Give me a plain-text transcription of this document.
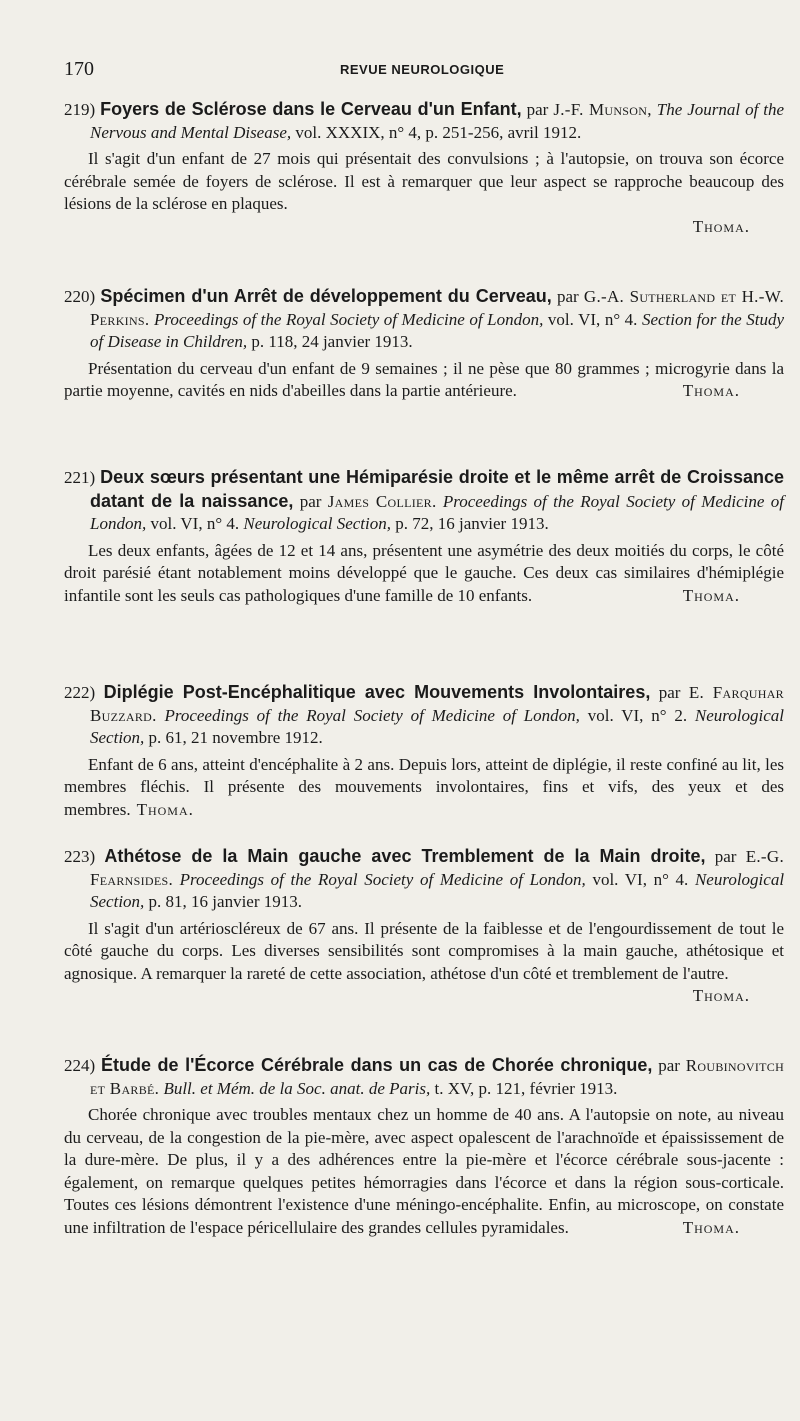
170	REVUE NEUROLOGIQUE

219) Foyers de Sclérose dans le Cerveau d'un Enfant, par J.-F. Munson, The Journal of the Nervous and Mental Disease, vol. XXXIX, n° 4, p. 251-256, avril 1912.

Il s'agit d'un enfant de 27 mois qui présentait des convulsions ; à l'autopsie, on trouva son écorce cérébrale semée de foyers de sclérose. Il est à remarquer que leur aspect se rapproche beaucoup des lésions de la sclérose en plaques.

Thoma.

220) Spécimen d'un Arrêt de développement du Cerveau, par G.-A. Sutherland et H.-W. Perkins. Proceedings of the Royal Society of Medicine of London, vol. VI, n° 4. Section for the Study of Disease in Children, p. 118, 24 janvier 1913.

Présentation du cerveau d'un enfant de 9 semaines ; il ne pèse que 80 grammes ; microgyrie dans la partie moyenne, cavités en nids d'abeilles dans la partie antérieure.	Thoma.

221) Deux sœurs présentant une Hémiparésie droite et le même arrêt de Croissance datant de la naissance, par James Collier. Proceedings of the Royal Society of Medicine of London, vol. VI, n° 4. Neurological Section, p. 72, 16 janvier 1913.

Les deux enfants, âgées de 12 et 14 ans, présentent une asymétrie des deux moitiés du corps, le côté droit parésié étant notablement moins développé que le gauche. Ces deux cas similaires d'hémiplégie infantile sont les seuls cas pathologiques d'une famille de 10 enfants.	Thoma.

222) Diplégie Post-Encéphalitique avec Mouvements Involontaires, par E. Farquhar Buzzard. Proceedings of the Royal Society of Medicine of London, vol. VI, n° 2. Neurological Section, p. 61, 21 novembre 1912.

Enfant de 6 ans, atteint d'encéphalite à 2 ans. Depuis lors, atteint de diplégie, il reste confiné au lit, les membres fléchis. Il présente des mouvements involontaires, fins et vifs, des yeux et des membres. Thoma.

223) Athétose de la Main gauche avec Tremblement de la Main droite, par E.-G. Fearnsides. Proceedings of the Royal Society of Medicine of London, vol. VI, n° 4. Neurological Section, p. 81, 16 janvier 1913.

Il s'agit d'un artérioscléreux de 67 ans. Il présente de la faiblesse et de l'engourdissement de tout le côté gauche du corps. Les diverses sensibilités sont compromises à la main gauche, athétosique et agnosique. A remarquer la rareté de cette association, athétose d'un côté et tremblement de l'autre.

Thoma.

224) Étude de l'Écorce Cérébrale dans un cas de Chorée chronique, par Roubinovitch et Barbé. Bull. et Mém. de la Soc. anat. de Paris, t. XV, p. 121, février 1913.

Chorée chronique avec troubles mentaux chez un homme de 40 ans. A l'autopsie on note, au niveau du cerveau, de la congestion de la pie-mère, avec aspect opalescent de l'arachnoïde et épaississement de la dure-mère. De plus, il y a des adhérences entre la pie-mère et l'écorce cérébrale sous-jacente : également, on remarque quelques petites hémorragies dans l'écorce et dans la région sous-corticale. Toutes ces lésions démontrent l'existence d'une méningo-encéphalite. Enfin, au microscope, on constate une infiltration de l'espace péricellulaire des grandes cellules pyramidales.	Thoma.
